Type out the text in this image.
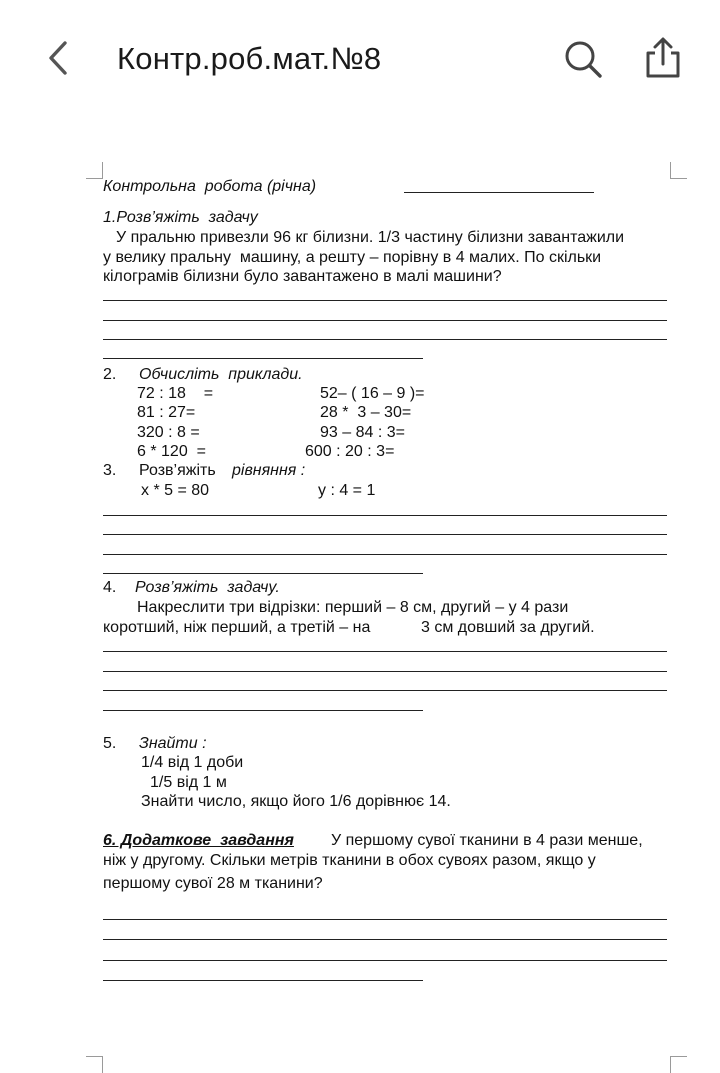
Контр.роб.мат.№8
Контрольна  робота (річна)
1.Розв’яжіть  задачу
У пральню привезли 96 кг білизни. 1/3 частину білизни завантажили
у велику пральну  машину, а решту – порівну в 4 малих. По скільки
кілограмів білизни було завантажено в малі машини?
2. Обчисліть  приклади.
72 : 18    =	52– ( 16 – 9 )=
81 : 27=	28 *  3 – 30=
320 : 8 =	93 – 84 : 3=
6 * 120  =	600 : 20 : 3=
3. Розв’яжіть рівняння :
x * 5 = 80	y : 4 = 1
4. Розв’яжіть  задачу.
Накреслити три відрізки: перший – 8 см, другий – у 4 рази
коротший, ніж перший, а третій – на	3 см довший за другий.
5. Знайти :
1/4 від 1 доби
1/5 від 1 м
Знайти число, якщо його 1/6 дорівнює 14.
6. Додаткове  завдання У першому сувої тканини в 4 рази менше,
ніж у другому. Скільки метрів тканини в обох сувоях разом, якщо у
першому сувої 28 м тканини?
